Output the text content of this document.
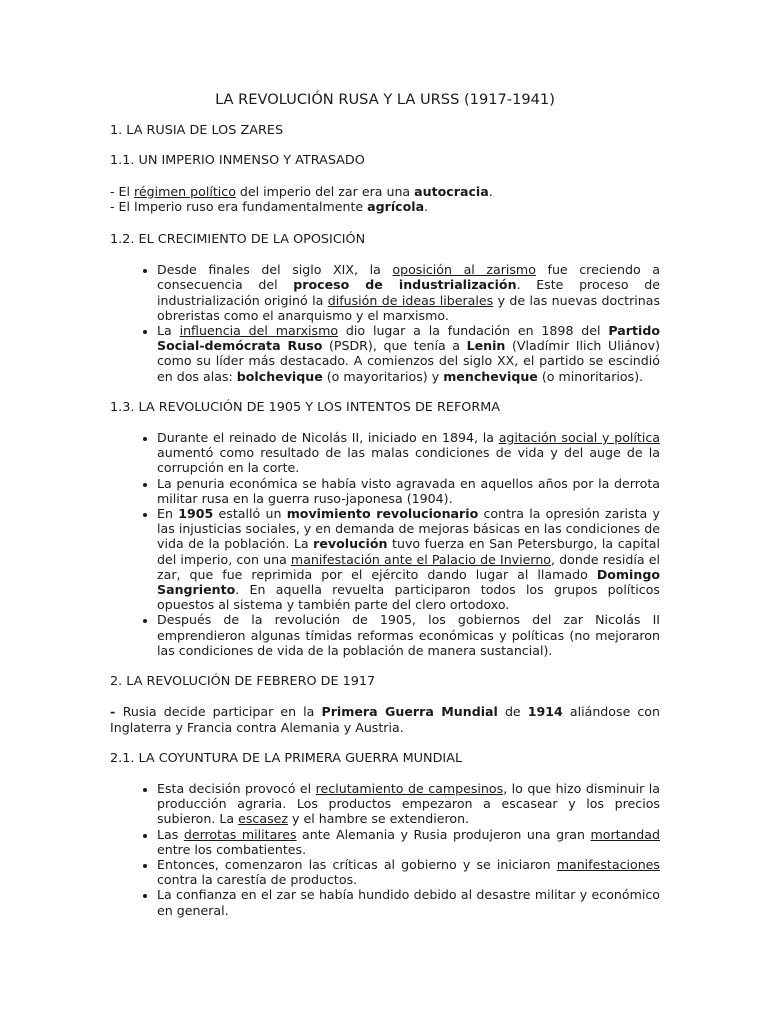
LA REVOLUCIÓN RUSA Y LA URSS (1917-1941)
1. LA RUSIA DE LOS ZARES
1.1. UN IMPERIO INMENSO Y ATRASADO

- El régimen político del imperio del zar era una autocracia.

- El Imperio ruso era fundamentalmente agrícola.

1.2. EL CRECIMIENTO DE LA OPOSICIÓN
• Desde finales del siglo XIX, la oposición al zarismo fue creciendo a consecuencia del proceso de industrialización. Este proceso de industrialización originó la difusión de ideas liberales y de las nuevas doctrinas obreristas como el anarquismo y el marxismo.
• La influencia del marxismo dio lugar a la fundación en 1898 del Partido Social-demócrata Ruso (PSDR), que tenía a Lenin (Vladímir Ilich Uliánov) como su líder más destacado. A comienzos del siglo XX, el partido se escindió en dos alas: bolchevique (o mayoritarios) y menchevique (o minoritarios).
1.3. LA REVOLUCIÓN DE 1905 Y LOS INTENTOS DE REFORMA
• Durante el reinado de Nicolás II, iniciado en 1894, la agitación social y política aumentó como resultado de las malas condiciones de vida y del auge de la corrupción en la corte.
• La penuria económica se había visto agravada en aquellos años por la derrota militar rusa en la guerra ruso-japonesa (1904).
• En 1905 estalló un movimiento revolucionario contra la opresión zarista y las injusticias sociales, y en demanda de mejoras básicas en las condiciones de vida de la población. La revolución tuvo fuerza en San Petersburgo, la capital del imperio, con una manifestación ante el Palacio de Invierno, donde residía el zar, que fue reprimida por el ejército dando lugar al llamado Domingo Sangriento. En aquella revuelta participaron todos los grupos políticos opuestos al sistema y también parte del clero ortodoxo.
• Después de la revolución de 1905, los gobiernos del zar Nicolás II emprendieron algunas tímidas reformas económicas y políticas (no mejoraron las condiciones de vida de la población de manera sustancial).
2. LA REVOLUCIÓN DE FEBRERO DE 1917

- Rusia decide participar en la Primera Guerra Mundial de 1914 aliándose con Inglaterra y Francia contra Alemania y Austria.

2.1. LA COYUNTURA DE LA PRIMERA GUERRA MUNDIAL
• Esta decisión provocó el reclutamiento de campesinos, lo que hizo disminuir la producción agraria. Los productos empezaron a escasear y los precios subieron. La escasez y el hambre se extendieron.
• Las derrotas militares ante Alemania y Rusia produjeron una gran mortandad entre los combatientes.
• Entonces, comenzaron las críticas al gobierno y se iniciaron manifestaciones contra la carestía de productos.
• La confianza en el zar se había hundido debido al desastre militar y económico en general.
